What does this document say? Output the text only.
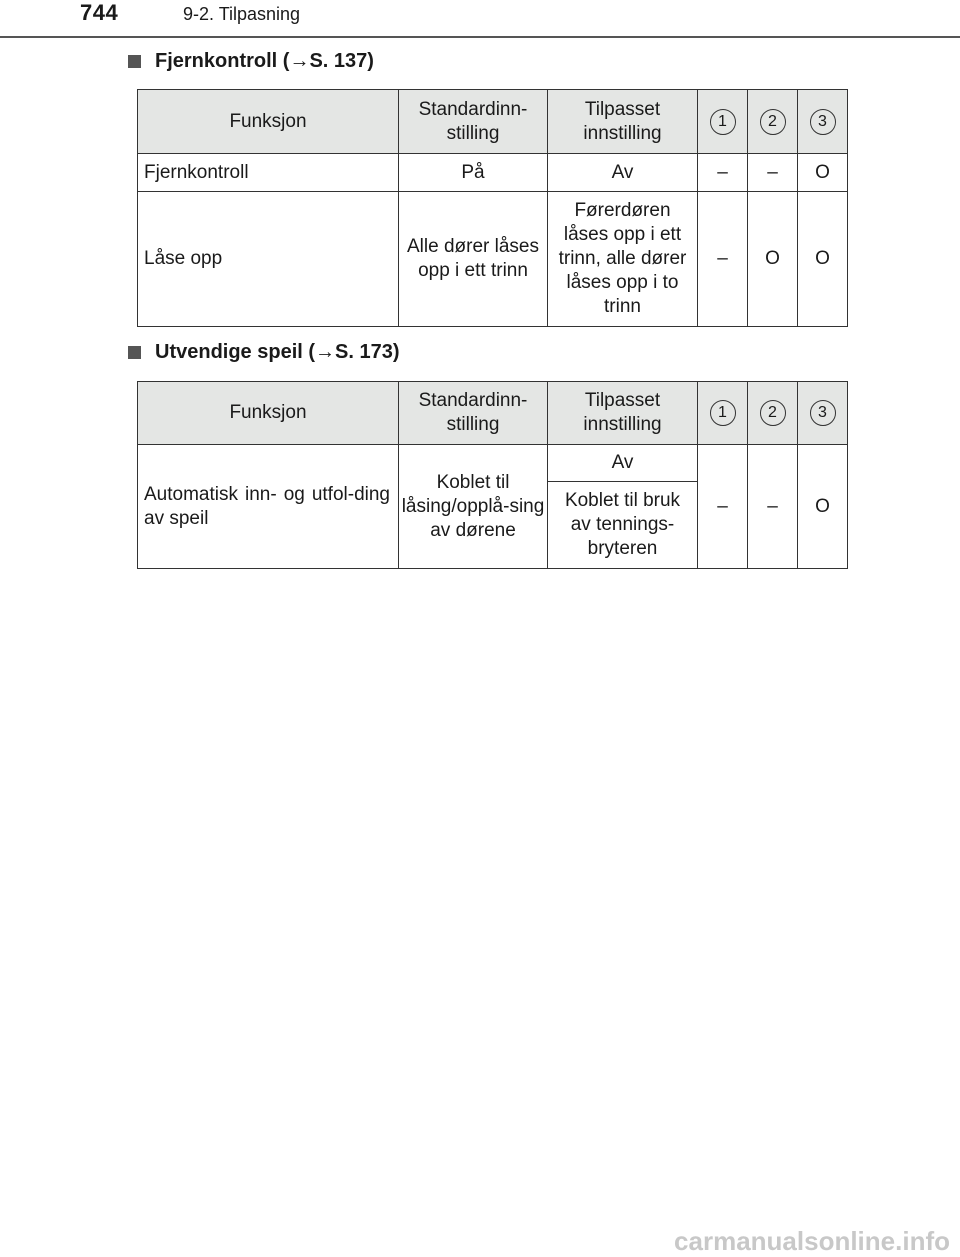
744	9-2. Tilpasning
Fjernkontroll ( → S. 137)
Funksjon	Standardinn-stilling	Tilpasset innstilling	1	2	3
Fjernkontroll	På	Av	–	–	O
Låse opp	Alle dører låses opp i ett trinn	Førerdøren låses opp i ett trinn, alle dører låses opp i to trinn	–	O	O
Utvendige speil ( → S. 173)
Funksjon	Standardinn-stilling	Tilpasset innstilling	1	2	3
Automatisk inn- og utfol-ding av speil	Koblet til låsing/opplå-sing av dørene	Av	–	–	O
		Koblet til bruk av tennings-bryteren			
carmanualsonline.info
